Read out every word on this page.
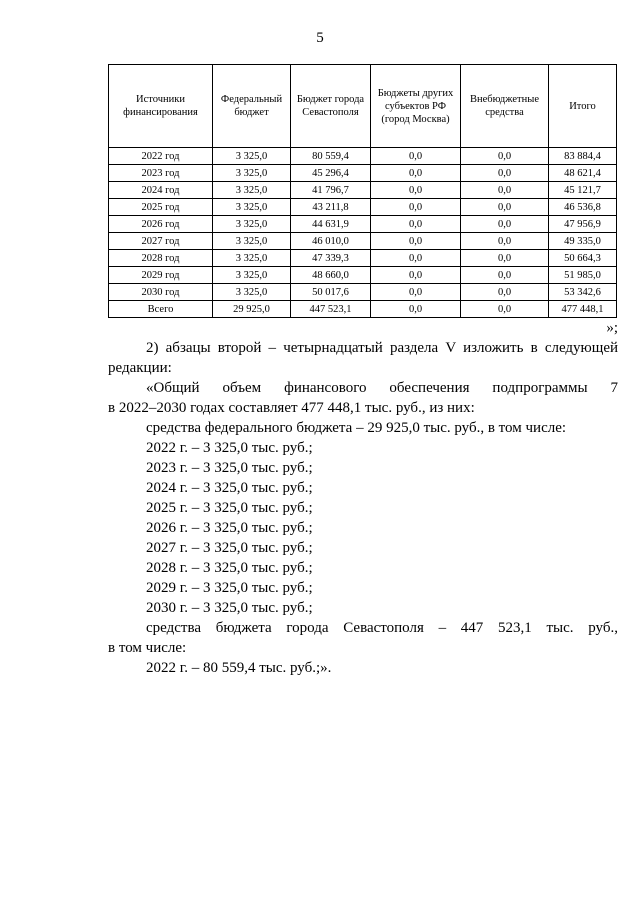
5
Источники финансирования	Федеральный бюджет	Бюджет города Севастополя	Бюджеты других субъектов РФ (город Москва)	Внебюджетные средства	Итого
2022 год	3 325,0	80 559,4	0,0	0,0	83 884,4
2023 год	3 325,0	45 296,4	0,0	0,0	48 621,4
2024 год	3 325,0	41 796,7	0,0	0,0	45 121,7
2025 год	3 325,0	43 211,8	0,0	0,0	46 536,8
2026 год	3 325,0	44 631,9	0,0	0,0	47 956,9
2027 год	3 325,0	46 010,0	0,0	0,0	49 335,0
2028 год	3 325,0	47 339,3	0,0	0,0	50 664,3
2029 год	3 325,0	48 660,0	0,0	0,0	51 985,0
2030 год	3 325,0	50 017,6	0,0	0,0	53 342,6
Всего	29 925,0	447 523,1	0,0	0,0	477 448,1

»;

2) абзацы второй – четырнадцатый раздела V изложить в следующей

редакции:

«Общий объем финансового обеспечения подпрограммы 7

в 2022–2030 годах составляет 477 448,1 тыс. руб., из них:

средства федерального бюджета – 29 925,0 тыс. руб., в том числе:

2022 г. – 3 325,0 тыс. руб.;

2023 г. – 3 325,0 тыс. руб.;

2024 г. – 3 325,0 тыс. руб.;

2025 г. – 3 325,0 тыс. руб.;

2026 г. – 3 325,0 тыс. руб.;

2027 г. – 3 325,0 тыс. руб.;

2028 г. – 3 325,0 тыс. руб.;

2029 г. – 3 325,0 тыс. руб.;

2030 г. – 3 325,0 тыс. руб.;

средства бюджета города Севастополя – 447 523,1 тыс. руб.,

в том числе:

2022 г. – 80 559,4 тыс. руб.;».
